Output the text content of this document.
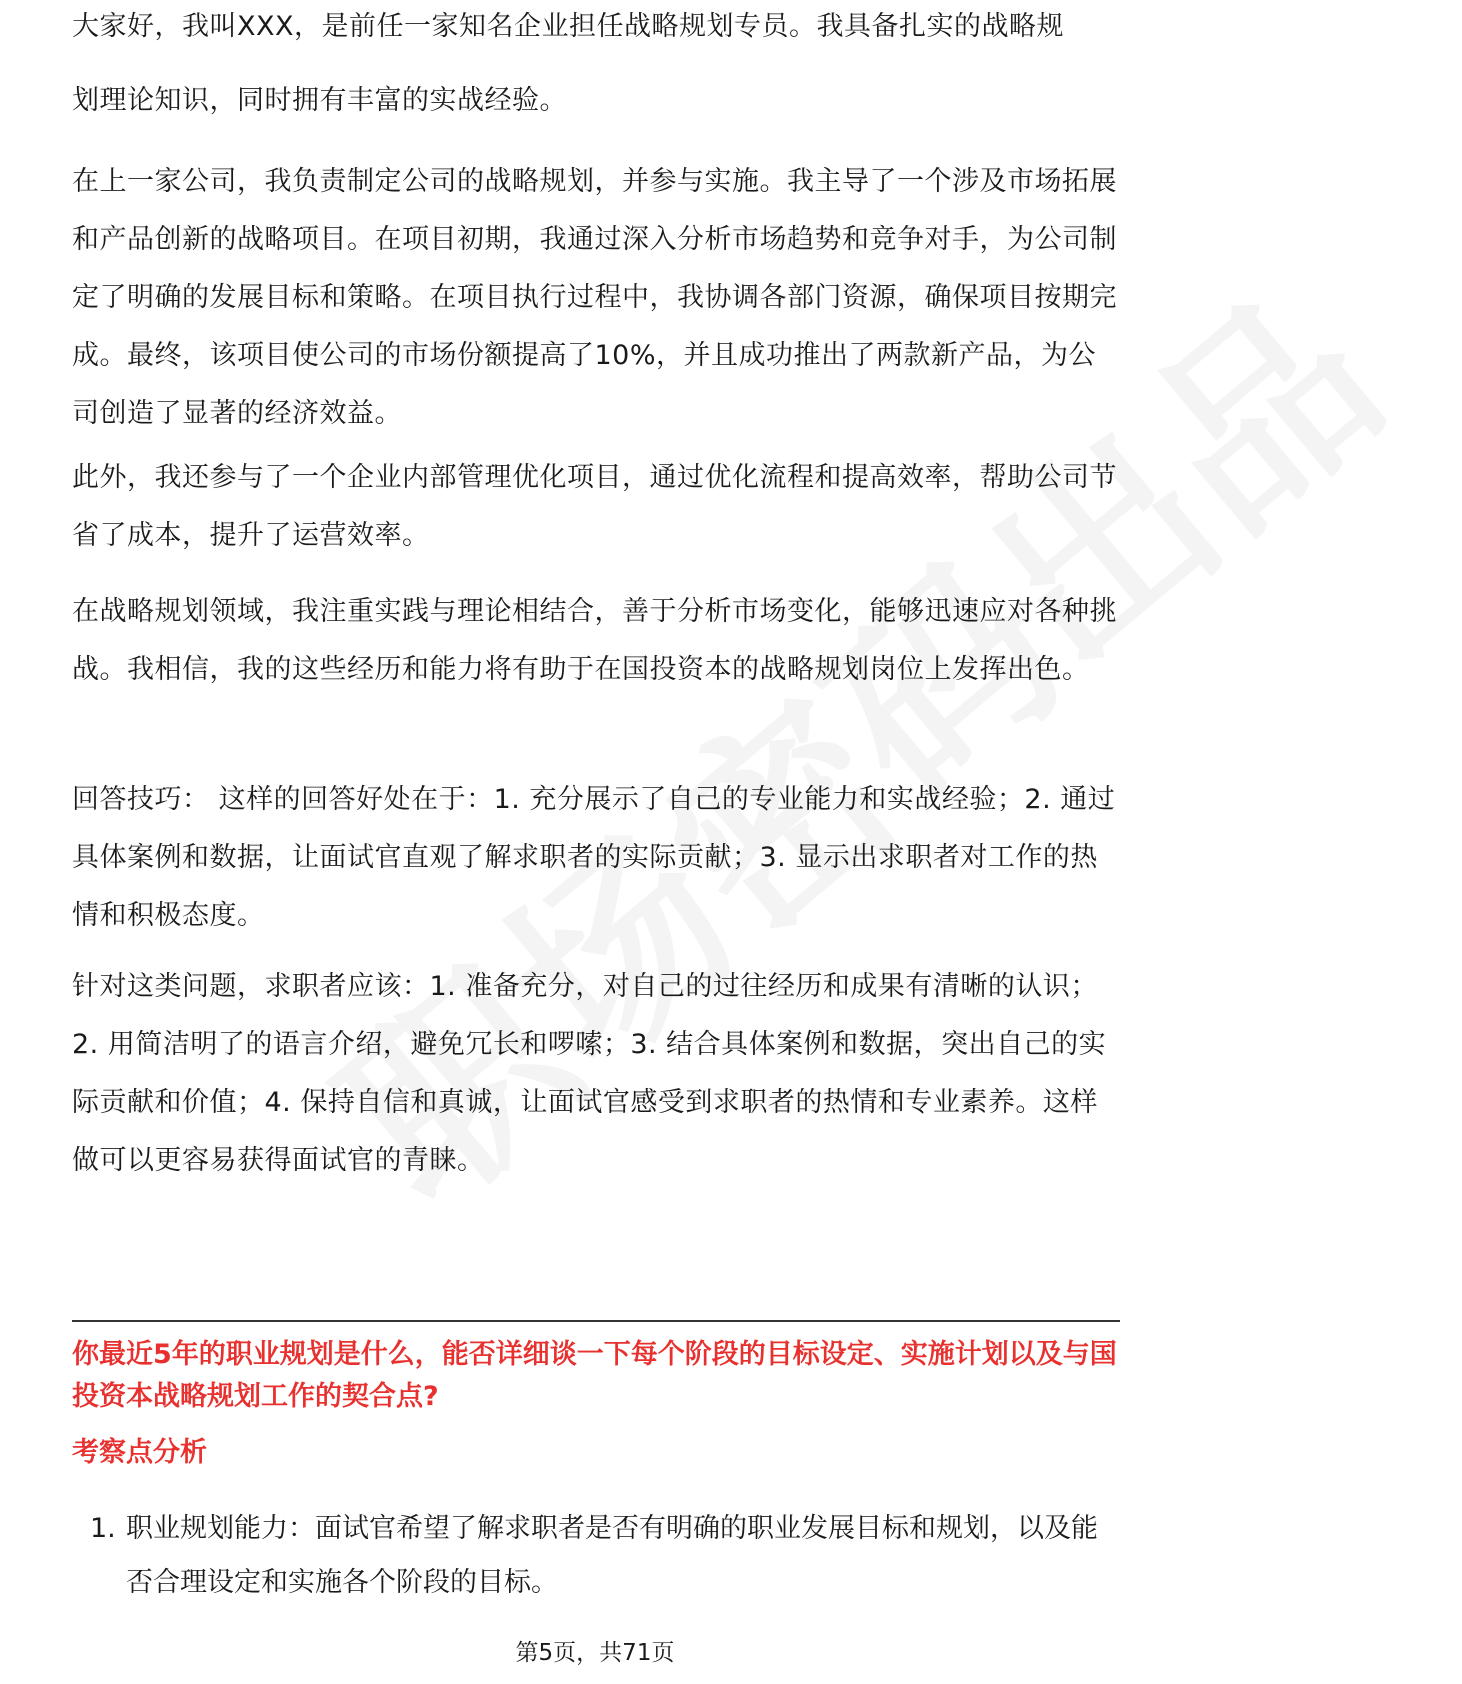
大家好，我叫XXX，是前任一家知名企业担任战略规划专员。我具备扎实的战略规

划理论知识，同时拥有丰富的实战经验。

在上一家公司，我负责制定公司的战略规划，并参与实施。我主导了一个涉及市场拓展和产品创新的战略项目。在项目初期，我通过深入分析市场趋势和竞争对手，为公司制定了明确的发展目标和策略。在项目执行过程中，我协调各部门资源，确保项目按期完成。最终，该项目使公司的市场份额提高了10%，并且成功推出了两款新产品，为公司创造了显著的经济效益。

此外，我还参与了一个企业内部管理优化项目，通过优化流程和提高效率，帮助公司节省了成本，提升了运营效率。

在战略规划领域，我注重实践与理论相结合，善于分析市场变化，能够迅速应对各种挑战。我相信，我的这些经历和能力将有助于在国投资本的战略规划岗位上发挥出色。

回答技巧： 这样的回答好处在于：1. 充分展示了自己的专业能力和实战经验；2. 通过具体案例和数据，让面试官直观了解求职者的实际贡献；3. 显示出求职者对工作的热情和积极态度。

针对这类问题，求职者应该：1. 准备充分，对自己的过往经历和成果有清晰的认识；2. 用简洁明了的语言介绍，避免冗长和啰嗦；3. 结合具体案例和数据，突出自己的实际贡献和价值；4. 保持自信和真诚，让面试官感受到求职者的热情和专业素养。这样做可以更容易获得面试官的青睐。

你最近5年的职业规划是什么，能否详细谈一下每个阶段的目标设定、实施计划以及与国投资本战略规划工作的契合点?

考察点分析

1. 职业规划能力：面试官希望了解求职者是否有明确的职业发展目标和规划，以及能否合理设定和实施各个阶段的目标。

第5页，共71页
